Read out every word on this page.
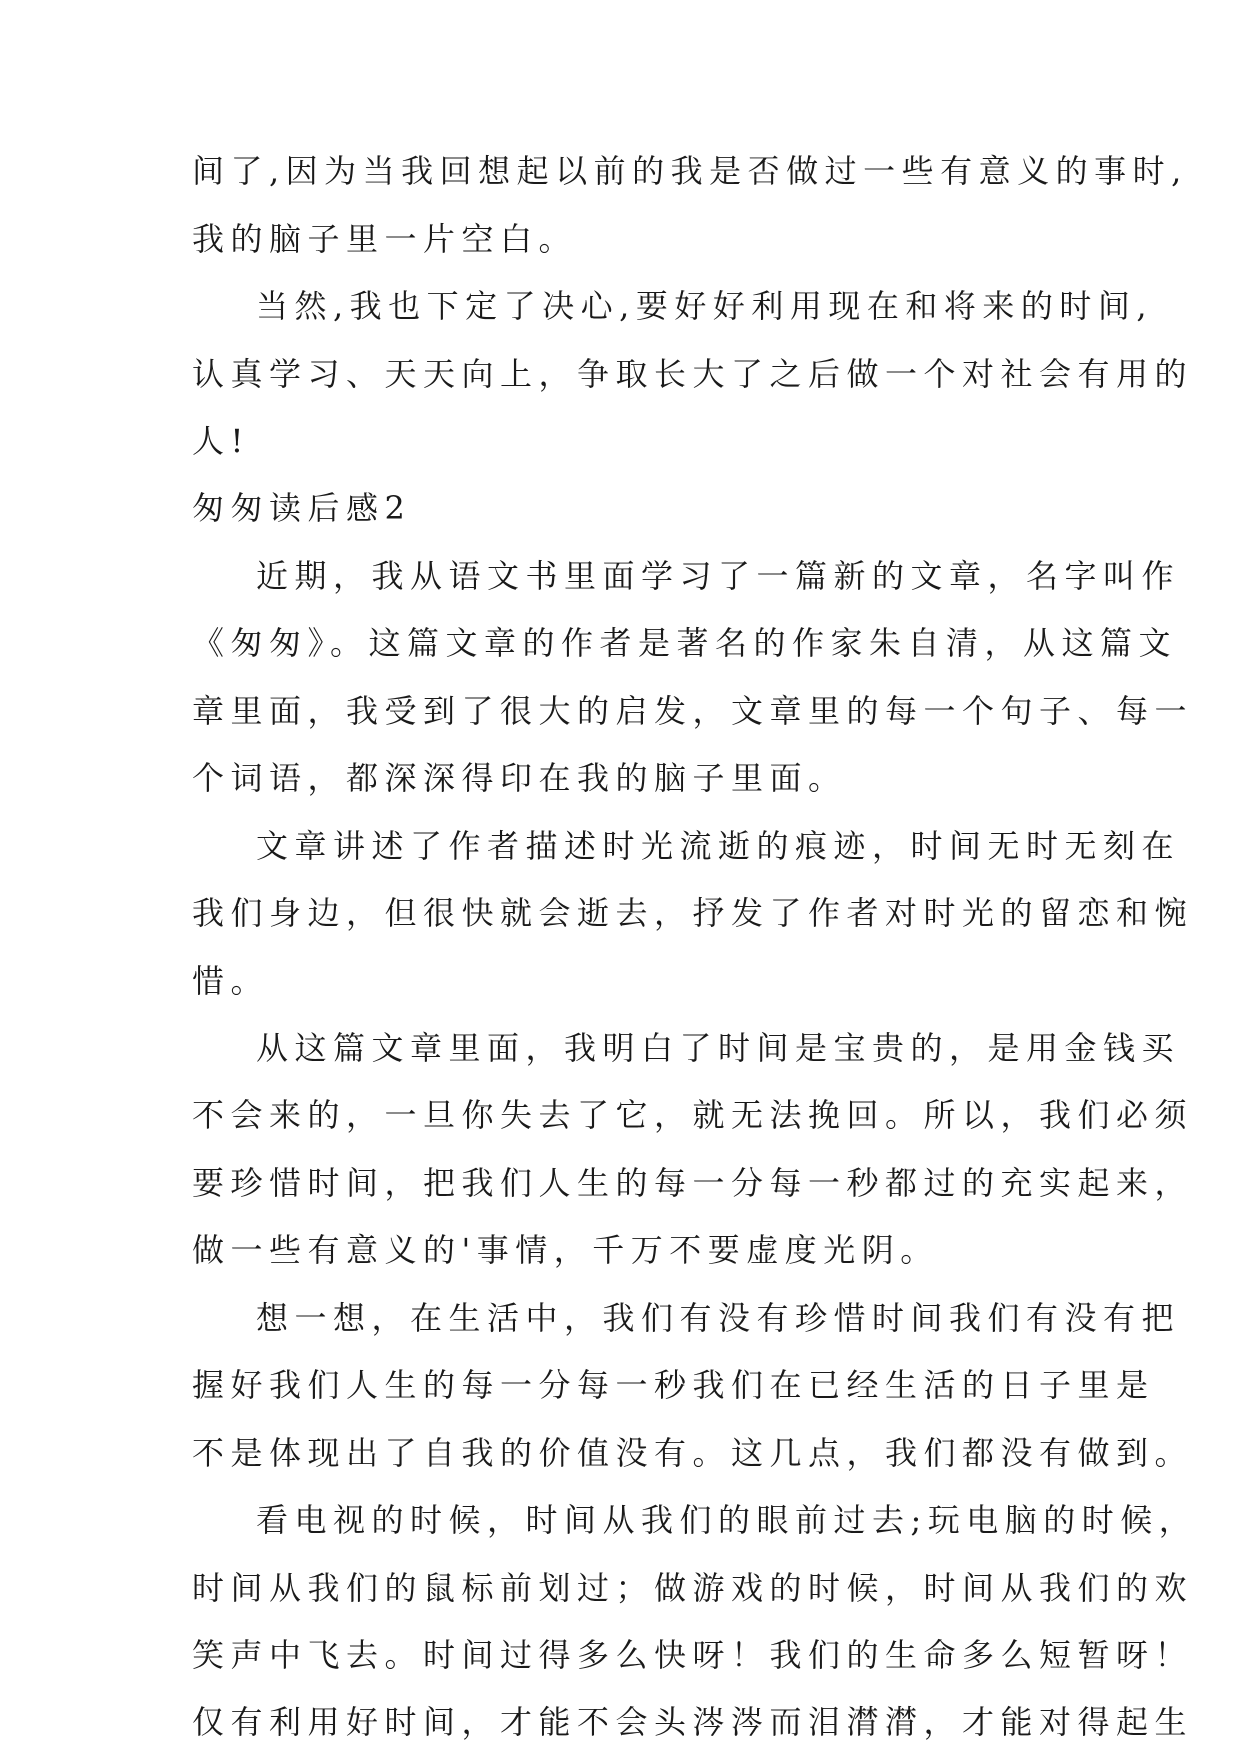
间了,因为当我回想起以前的我是否做过一些有意义的事时,
我的脑子里一片空白。
当然,我也下定了决心,要好好利用现在和将来的时间,
认真学习、天天向上，争取长大了之后做一个对社会有用的
人!
匆匆读后感2
近期，我从语文书里面学习了一篇新的文章，名字叫作
《匆匆》。这篇文章的作者是著名的作家朱自清，从这篇文
章里面，我受到了很大的启发，文章里的每一个句子、每一
个词语，都深深得印在我的脑子里面。
文章讲述了作者描述时光流逝的痕迹，时间无时无刻在
我们身边，但很快就会逝去，抒发了作者对时光的留恋和惋
惜。
从这篇文章里面，我明白了时间是宝贵的，是用金钱买
不会来的，一旦你失去了它，就无法挽回。所以，我们必须
要珍惜时间，把我们人生的每一分每一秒都过的充实起来，
做一些有意义的'事情，千万不要虚度光阴。
想一想，在生活中，我们有没有珍惜时间我们有没有把
握好我们人生的每一分每一秒我们在已经生活的日子里是
不是体现出了自我的价值没有。这几点，我们都没有做到。
看电视的时候，时间从我们的眼前过去;玩电脑的时候，
时间从我们的鼠标前划过；做游戏的时候，时间从我们的欢
笑声中飞去。时间过得多么快呀！我们的生命多么短暂呀！
仅有利用好时间，才能不会头涔涔而泪潸潸，才能对得起生
